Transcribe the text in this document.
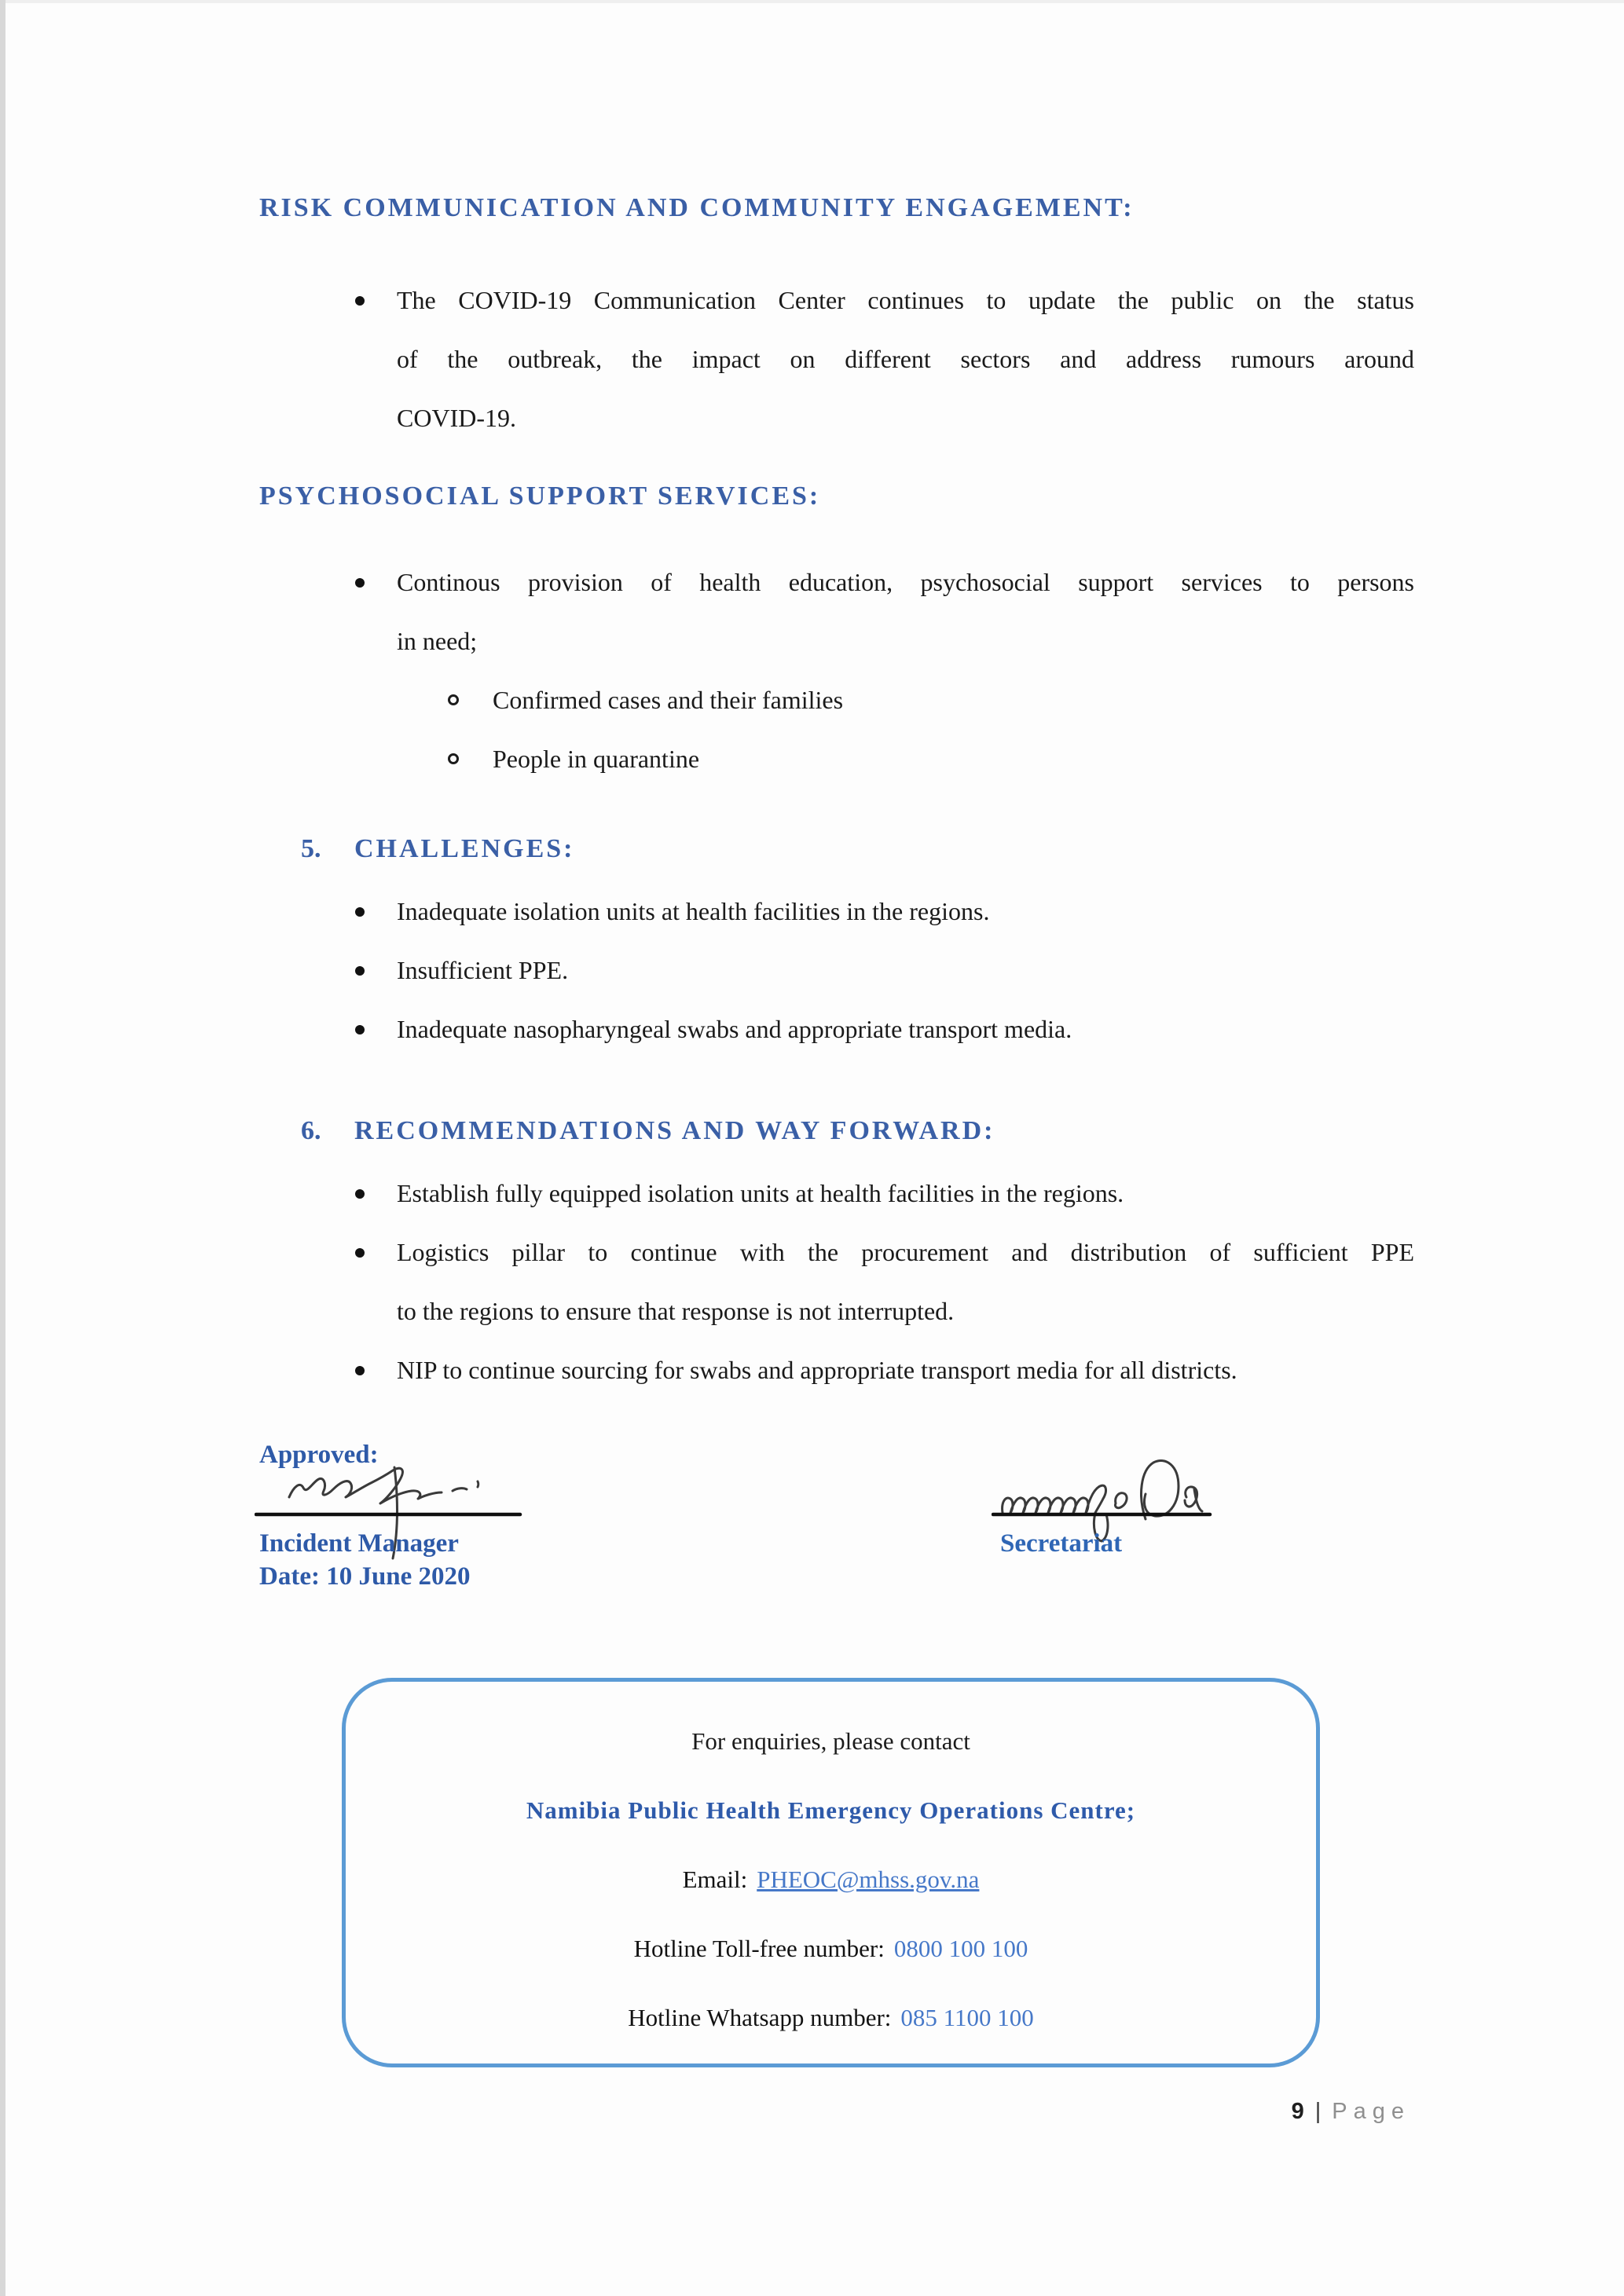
RISK COMMUNICATION AND COMMUNITY ENGAGEMENT:
The COVID-19 Communication Center continues to update the public on the status
of the outbreak, the impact on different sectors and address rumours around
COVID-19.
PSYCHOSOCIAL SUPPORT SERVICES:
Continous provision of health education, psychosocial support services to persons
in need;
Confirmed cases and their families
People in quarantine
5.	CHALLENGES:
Inadequate isolation units at health facilities in the regions.
Insufficient PPE.
Inadequate nasopharyngeal swabs and appropriate transport media.
6.	RECOMMENDATIONS AND WAY FORWARD:
Establish fully equipped isolation units at health facilities in the regions.
Logistics pillar to continue with the procurement and distribution of sufficient PPE
to the regions to ensure that response is not interrupted.
NIP to continue sourcing for swabs and appropriate transport media for all districts.
Approved:
Incident Manager
Date: 10 June 2020
Secretariat
For enquiries, please contact
Namibia Public Health Emergency Operations Centre;
Email: PHEOC@mhss.gov.na
Hotline Toll-free number: 0800 100 100
Hotline Whatsapp number: 085 1100 100
9 | Page
